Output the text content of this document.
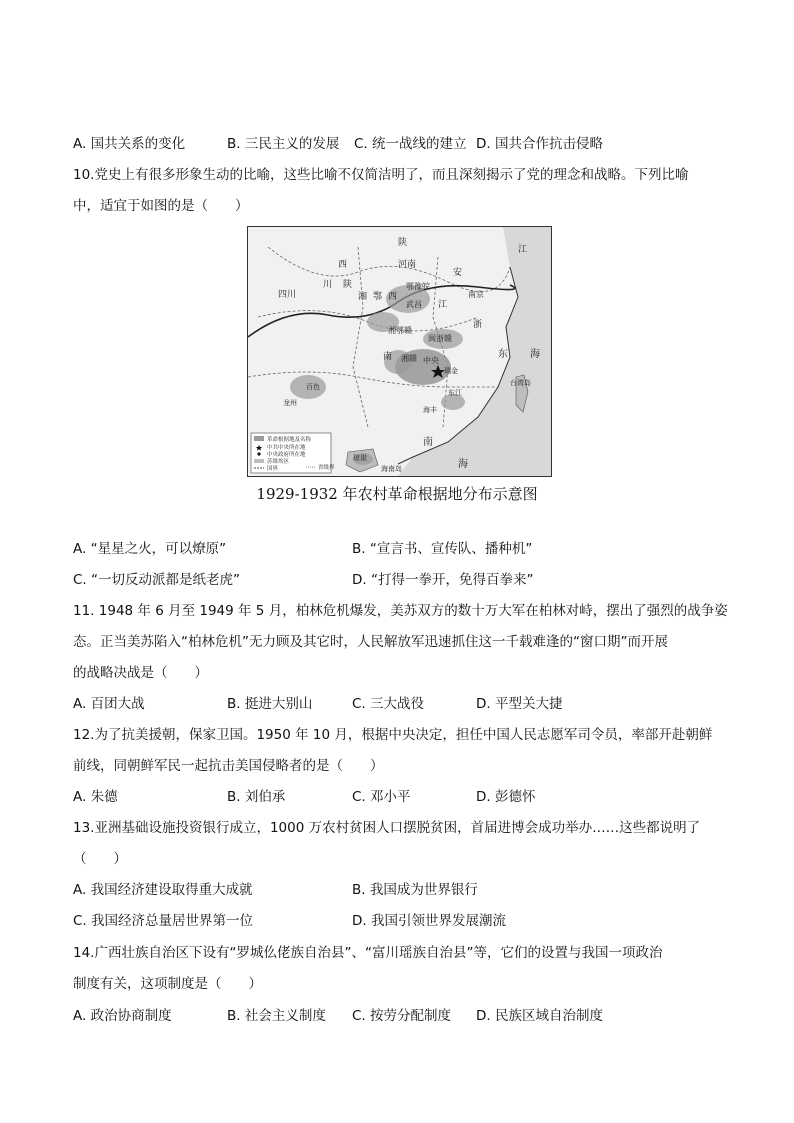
A. 国共关系的变化	B. 三民主义的发展 C. 统一战线的建立 D. 国共合作抗击侵略
10.党史上有很多形象生动的比喻，这些比喻不仅简洁明了，而且深刻揭示了党的理念和战略。下列比喻
中，适宜于如图的是（　　）
陕
西	河南
安
江
四川
川 陕
湘 鄂 西
鄂豫皖
武昌
南京
江
浙
湘鄂赣
闽浙赣
南 湘赣 中央
瑞金
东 海
百色
龙州
东江
琼崖
海丰
海南岛
南
海
台湾岛
革命根据地及名称
中共中央所在地
中央政府所在地
苏维埃区
国界	省级界
1929-1932 年农村革命根据地分布示意图
A. “星星之火，可以燎原”	B. “宣言书、宣传队、播种机”
C. “一切反动派都是纸老虎”	D. “打得一拳开，免得百拳来”
11. 1948 年 6 月至 1949 年 5 月，柏林危机爆发，美苏双方的数十万大军在柏林对峙，摆出了强烈的战争姿
态。正当美苏陷入“柏林危机”无力顾及其它时，人民解放军迅速抓住这一千载难逢的“窗口期”而开展
的战略决战是（　　）
A. 百团大战	B. 挺进大别山	C. 三大战役	D. 平型关大捷
12.为了抗美援朝，保家卫国。1950 年 10 月，根据中央决定，担任中国人民志愿军司令员，率部开赴朝鲜
前线，同朝鲜军民一起抗击美国侵略者的是（　　）
A. 朱德	B. 刘伯承	C. 邓小平	D. 彭德怀
13.亚洲基础设施投资银行成立，1000 万农村贫困人口摆脱贫困，首届进博会成功举办……这些都说明了
（　　）
A. 我国经济建设取得重大成就	B. 我国成为世界银行
C. 我国经济总量居世界第一位	D. 我国引领世界发展潮流
14.广西壮族自治区下设有“罗城仫佬族自治县”、“富川瑶族自治县”等，它们的设置与我国一项政治
制度有关，这项制度是（　　）
A. 政治协商制度	B. 社会主义制度 C. 按劳分配制度 D. 民族区域自治制度
